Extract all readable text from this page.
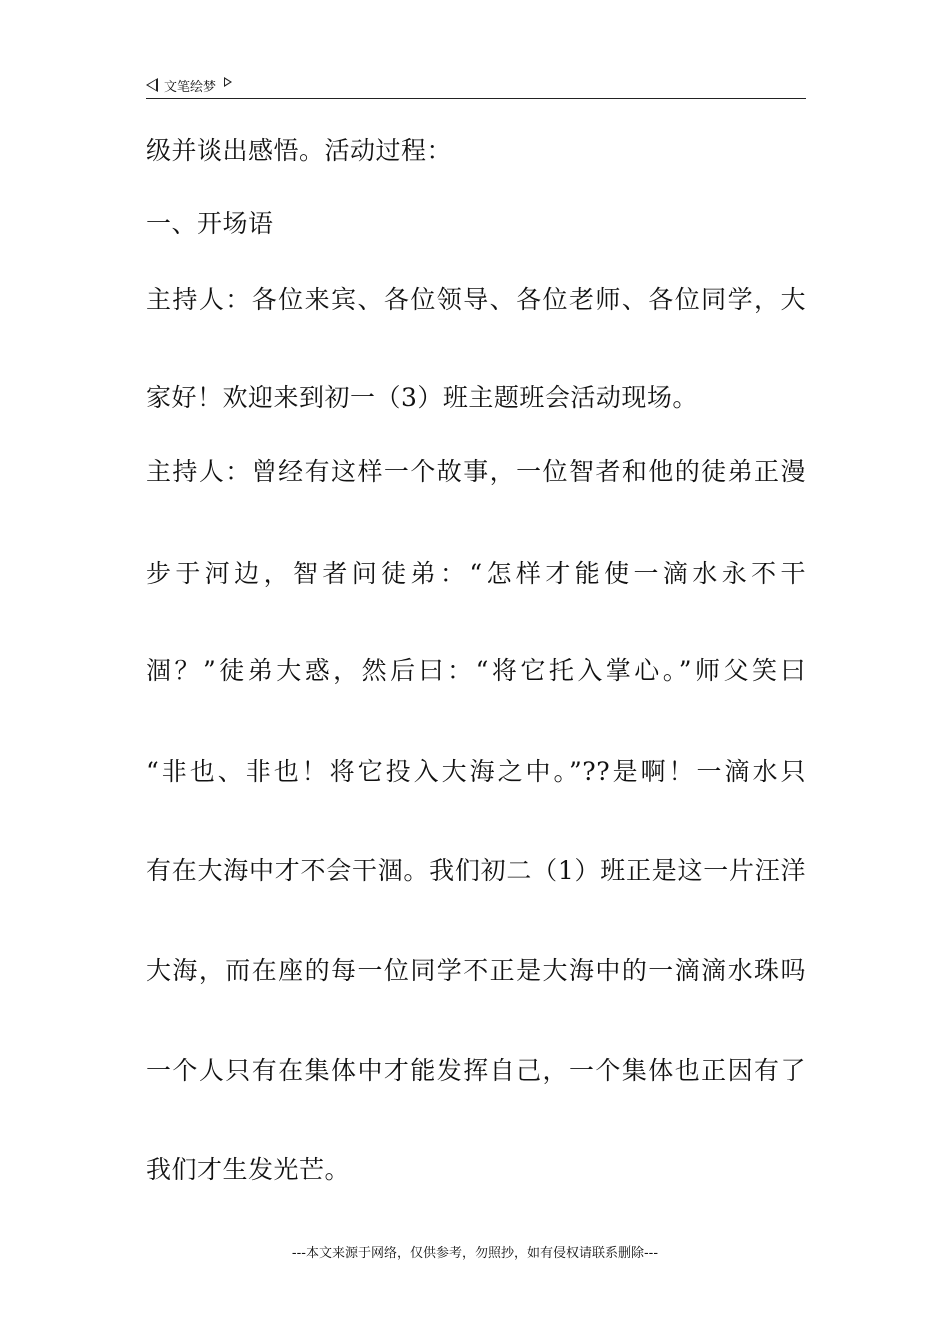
文笔绘梦
级并谈出感悟。活动过程：
一、开场语
主持人：各位来宾、各位领导、各位老师、各位同学，大
家好！欢迎来到初一（3）班主题班会活动现场。
主持人：曾经有这样一个故事，一位智者和他的徒弟正漫
步于河边，智者问徒弟：“怎样才能使一滴水永不干
涸？”徒弟大惑，然后曰：“将它托入掌心。”师父笑曰
“非也、非也！将它投入大海之中。”??是啊！一滴水只
有在大海中才不会干涸。我们初二（1）班正是这一片汪洋
大海，而在座的每一位同学不正是大海中的一滴滴水珠吗
一个人只有在集体中才能发挥自己，一个集体也正因有了
我们才生发光芒。
---本文来源于网络，仅供参考，勿照抄，如有侵权请联系删除---
